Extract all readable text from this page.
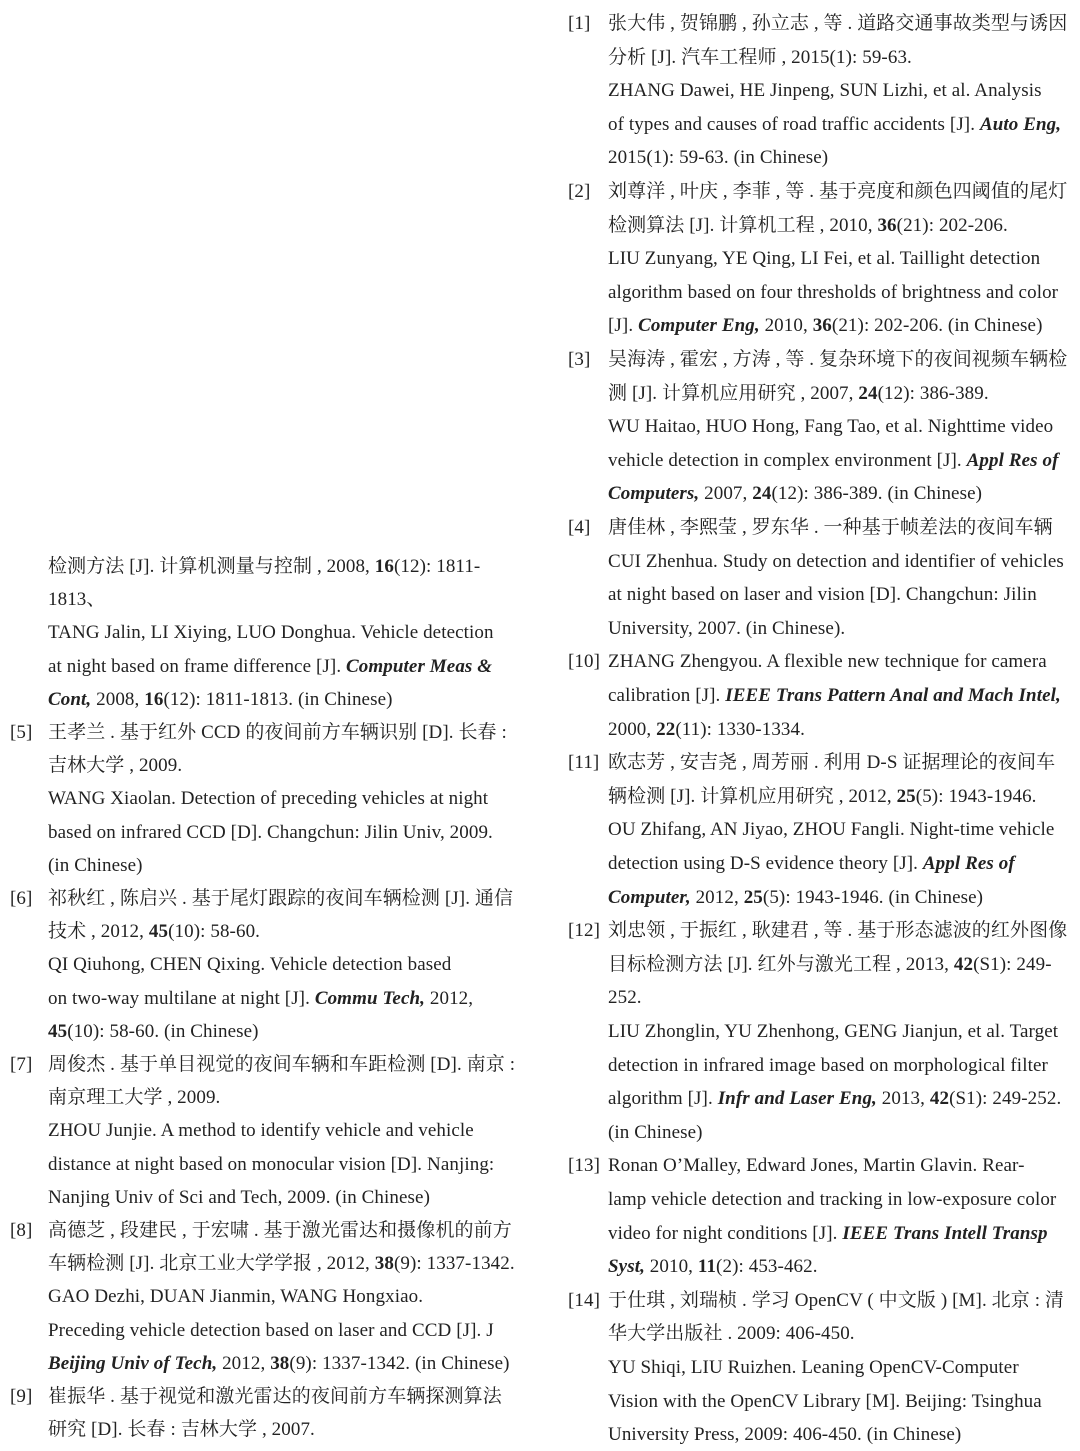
[1] 张大伟 , 贺锦鹏 , 孙立志 , 等 . 道路交通事故类型与诱因
分析 [J]. 汽车工程师 , 2015(1): 59-63.
ZHANG Dawei, HE Jinpeng, SUN Lizhi, et al. Analysis
of types and causes of road traffic accidents [J]. Auto Eng,
2015(1): 59-63. (in Chinese)
[2] 刘尊洋 , 叶庆 , 李菲 , 等 . 基于亮度和颜色四阈值的尾灯
检测算法 [J]. 计算机工程 , 2010, 36(21): 202-206.
LIU Zunyang, YE Qing, LI Fei, et al. Taillight detection
algorithm based on four thresholds of brightness and color
[J]. Computer Eng, 2010, 36(21): 202-206. (in Chinese)
[3] 吴海涛 , 霍宏 , 方涛 , 等 . 复杂环境下的夜间视频车辆检
测 [J]. 计算机应用研究 , 2007, 24(12): 386-389.
WU Haitao, HUO Hong, Fang Tao, et al. Nighttime video
vehicle detection in complex environment [J]. Appl Res of
Computers, 2007, 24(12): 386-389. (in Chinese)
[4] 唐佳林 , 李熙莹 , 罗东华 . 一种基于帧差法的夜间车辆
CUI Zhenhua. Study on detection and identifier of vehicles
at night based on laser and vision [D]. Changchun: Jilin
University, 2007. (in Chinese).
[10] ZHANG Zhengyou. A flexible new technique for camera
calibration [J]. IEEE Trans Pattern Anal and Mach Intel,
2000, 22(11): 1330-1334.
[11] 欧志芳 , 安吉尧 , 周芳丽 . 利用 D-S 证据理论的夜间车
辆检测 [J]. 计算机应用研究 , 2012, 25(5): 1943-1946.
OU Zhifang, AN Jiyao, ZHOU Fangli. Night-time vehicle
detection using D-S evidence theory [J]. Appl Res of
Computer, 2012, 25(5): 1943-1946. (in Chinese)
[12] 刘忠领 , 于振红 , 耿建君 , 等 . 基于形态滤波的红外图像
目标检测方法 [J]. 红外与激光工程 , 2013, 42(S1): 249-
252.
LIU Zhonglin, YU Zhenhong, GENG Jianjun, et al. Target
detection in infrared image based on morphological filter
algorithm [J]. Infr and Laser Eng, 2013, 42(S1): 249-252.
(in Chinese)
[13] Ronan O’Malley, Edward Jones, Martin Glavin. Rear-
lamp vehicle detection and tracking in low-exposure color
video for night conditions [J]. IEEE Trans Intell Transp
Syst, 2010, 11(2): 453-462.
[14] 于仕琪 , 刘瑞桢 . 学习 OpenCV ( 中文版 ) [M]. 北京 : 清
华大学出版社 . 2009: 406-450.
YU Shiqi, LIU Ruizhen. Leaning OpenCV-Computer
Vision with the OpenCV Library [M]. Beijing: Tsinghua
University Press, 2009: 406-450. (in Chinese)
检测方法 [J]. 计算机测量与控制 , 2008, 16(12): 1811-
1813、
TANG Jalin, LI Xiying, LUO Donghua. Vehicle detection
at night based on frame difference [J]. Computer Meas &
Cont, 2008, 16(12): 1811-1813. (in Chinese)
[5] 王孝兰 . 基于红外 CCD 的夜间前方车辆识别 [D]. 长春 :
吉林大学 , 2009.
WANG Xiaolan. Detection of preceding vehicles at night
based on infrared CCD [D]. Changchun: Jilin Univ, 2009.
(in Chinese)
[6] 祁秋红 , 陈启兴 . 基于尾灯跟踪的夜间车辆检测 [J]. 通信
技术 , 2012, 45(10): 58-60.
QI Qiuhong, CHEN Qixing. Vehicle detection based
on two-way multilane at night [J]. Commu Tech, 2012,
45(10): 58-60. (in Chinese)
[7] 周俊杰 . 基于单目视觉的夜间车辆和车距检测 [D]. 南京 :
南京理工大学 , 2009.
ZHOU Junjie. A method to identify vehicle and vehicle
distance at night based on monocular vision [D]. Nanjing:
Nanjing Univ of Sci and Tech, 2009. (in Chinese)
[8] 高德芝 , 段建民 , 于宏啸 . 基于激光雷达和摄像机的前方
车辆检测 [J]. 北京工业大学学报 , 2012, 38(9): 1337-1342.
GAO Dezhi, DUAN Jianmin, WANG Hongxiao.
Preceding vehicle detection based on laser and CCD [J]. J
Beijing Univ of Tech, 2012, 38(9): 1337-1342. (in Chinese)
[9] 崔振华 . 基于视觉和激光雷达的夜间前方车辆探测算法
研究 [D]. 长春 : 吉林大学 , 2007.
